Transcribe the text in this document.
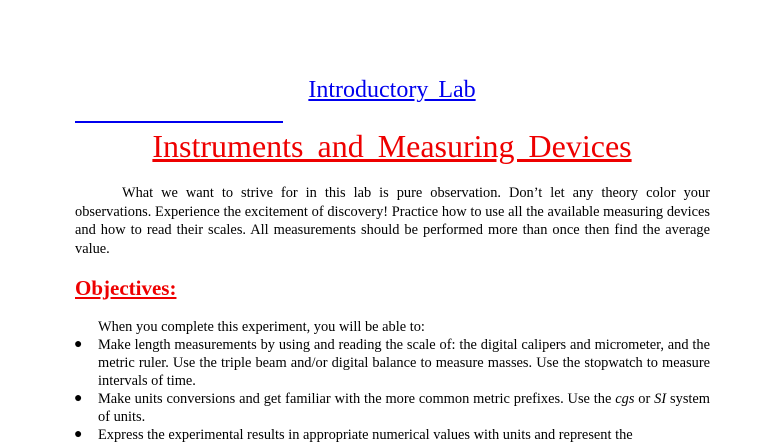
Introductory Lab
Instruments and Measuring Devices

What we want to strive for in this lab is pure observation. Don’t let any theory color your observations. Experience the excitement of discovery! Practice how to use all the available measuring devices and how to read their scales. All measurements should be performed more than once then find the average value.

Objectives:

When you complete this experiment, you will be able to:

● Make length measurements by using and reading the scale of: the digital calipers and micrometer, and the metric ruler. Use the triple beam and/or digital balance to measure masses. Use the stopwatch to measure intervals of time.
● Make units conversions and get familiar with the more common metric prefixes. Use the cgs or SI system of units.
● Express the experimental results in appropriate numerical values with units and represent the
